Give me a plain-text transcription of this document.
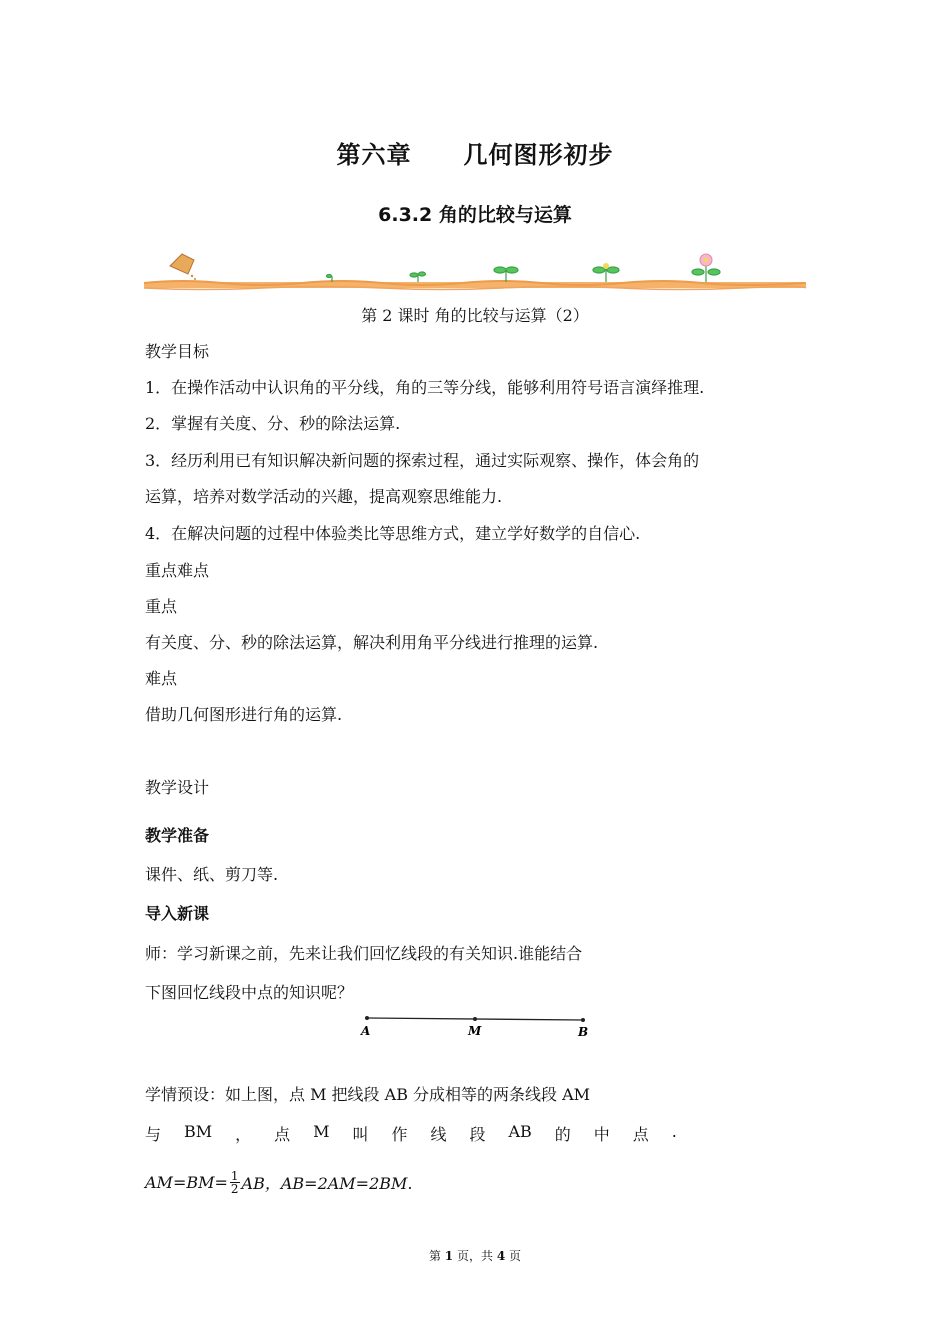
第六章 几何图形初步
6.3.2 角的比较与运算
第 2 课时 角的比较与运算（2）
教学目标
1．在操作活动中认识角的平分线，角的三等分线，能够利用符号语言演绎推理.
2．掌握有关度、分、秒的除法运算.
3．经历利用已有知识解决新问题的探索过程，通过实际观察、操作，体会角的
运算，培养对数学活动的兴趣，提高观察思维能力.
4．在解决问题的过程中体验类比等思维方式，建立学好数学的自信心.
重点难点
重点
有关度、分、秒的除法运算，解决利用角平分线进行推理的运算.
难点
借助几何图形进行角的运算.
教学设计
教学准备
课件、纸、剪刀等.
导入新课
师：学习新课之前，先来让我们回忆线段的有关知识.谁能结合
下图回忆线段中点的知识呢？
A	M	B
学情预设：如上图，点 M 把线段 AB 分成相等的两条线段 AM
与 BM ， 点 M 叫 作 线 段 AB 的 中 点 .
$AM=BM= \frac{1}{2}$ AB，AB=2AM=2BM.
第 1 页，共 4 页
